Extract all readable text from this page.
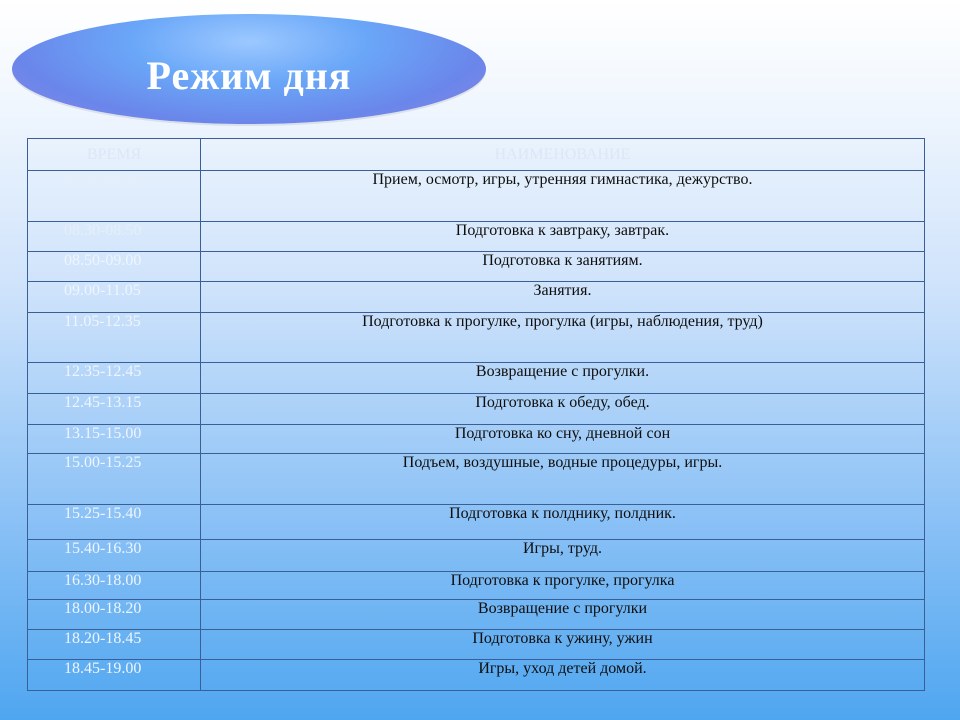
Режим дня
ВРЕМЯ	НАИМЕНОВАНИЕ
07.00-08.30	Прием, осмотр, игры, утренняя гимнастика, дежурство.
08.30-08.50	Подготовка к завтраку, завтрак.
08.50-09.00	Подготовка к занятиям.
09.00-11.05	Занятия.
11.05-12.35	Подготовка к прогулке, прогулка (игры, наблюдения, труд)
12.35-12.45	Возвращение с прогулки.
12.45-13.15	Подготовка к обеду, обед.
13.15-15.00	Подготовка ко сну, дневной сон
15.00-15.25	Подъем, воздушные, водные процедуры, игры.
15.25-15.40	Подготовка к полднику, полдник.
15.40-16.30	Игры, труд.
16.30-18.00	Подготовка к прогулке, прогулка
18.00-18.20	Возвращение с прогулки
18.20-18.45	Подготовка к ужину, ужин
18.45-19.00	Игры, уход детей домой.
